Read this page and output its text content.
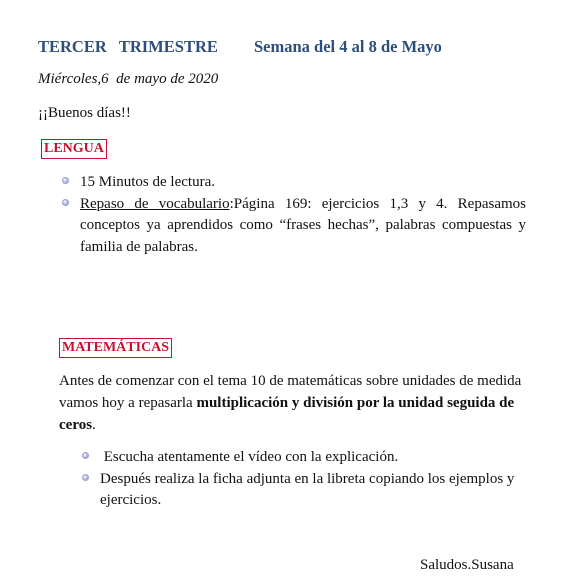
TERCER   TRIMESTRE Semana del 4 al 8 de Mayo
Miércoles,6  de mayo de 2020
¡¡Buenos días!!
LENGUA
15 Minutos de lectura.
Repaso de vocabulario:Página 169: ejercicios 1,3 y 4. Repasamos conceptos ya aprendidos como “frases hechas”, palabras compuestas y familia de palabras.
MATEMÁTICAS
Antes de comenzar con el tema 10 de matemáticas sobre unidades de medida vamos hoy a repasarla multiplicación y división por la unidad seguida de ceros.
Escucha atentamente el vídeo con la explicación.
Después realiza la ficha adjunta en la libreta copiando los ejemplos y ejercicios.
Saludos.Susana
